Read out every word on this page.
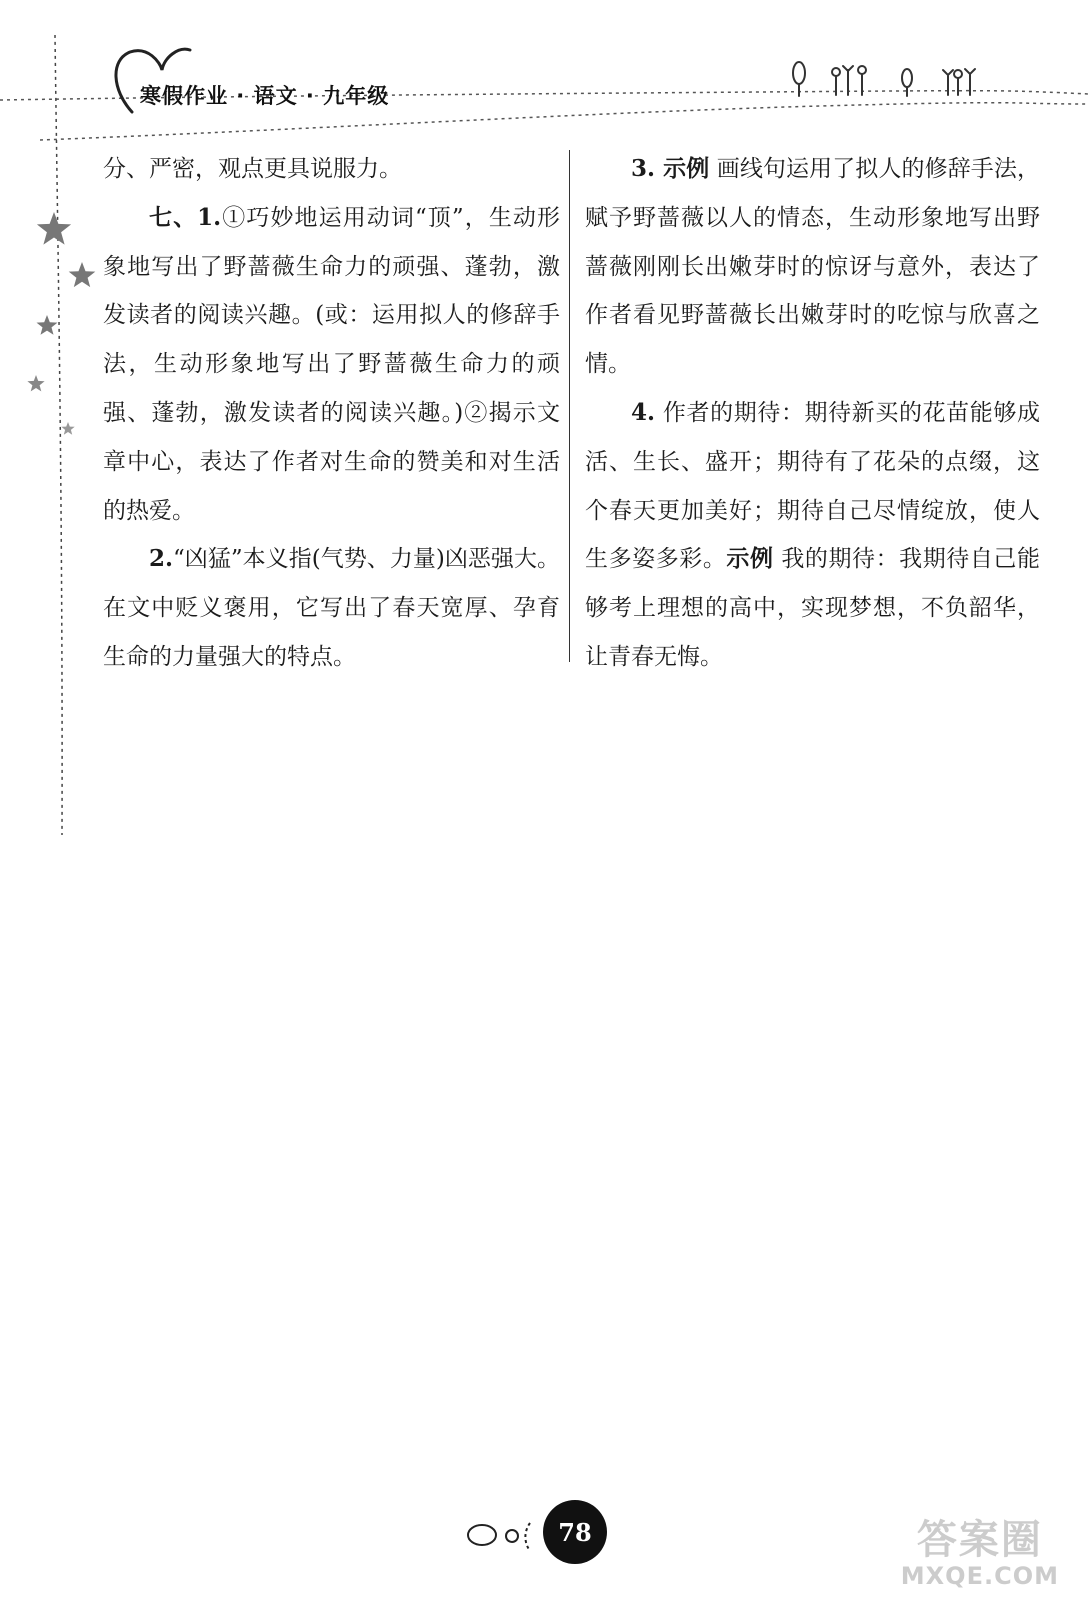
寒假作业 · 语文 · 九年级

分、严密，观点更具说服力。

七、1.①巧妙地运用动词“顶”，生动形象地写出了野蔷薇生命力的顽强、蓬勃，激发读者的阅读兴趣。(或：运用拟人的修辞手法，生动形象地写出了野蔷薇生命力的顽强、蓬勃，激发读者的阅读兴趣。)②揭示文章中心，表达了作者对生命的赞美和对生活的热爱。

2.“凶猛”本义指(气势、力量)凶恶强大。在文中贬义褒用，它写出了春天宽厚、孕育生命的力量强大的特点。

3. 示例 画线句运用了拟人的修辞手法，赋予野蔷薇以人的情态，生动形象地写出野蔷薇刚刚长出嫩芽时的惊讶与意外，表达了作者看见野蔷薇长出嫩芽时的吃惊与欣喜之情。

4. 作者的期待：期待新买的花苗能够成活、生长、盛开；期待有了花朵的点缀，这个春天更加美好；期待自己尽情绽放，使人生多姿多彩。示例 我的期待：我期待自己能够考上理想的高中，实现梦想，不负韶华，让青春无悔。

78	答案圈
MXQE.COM
